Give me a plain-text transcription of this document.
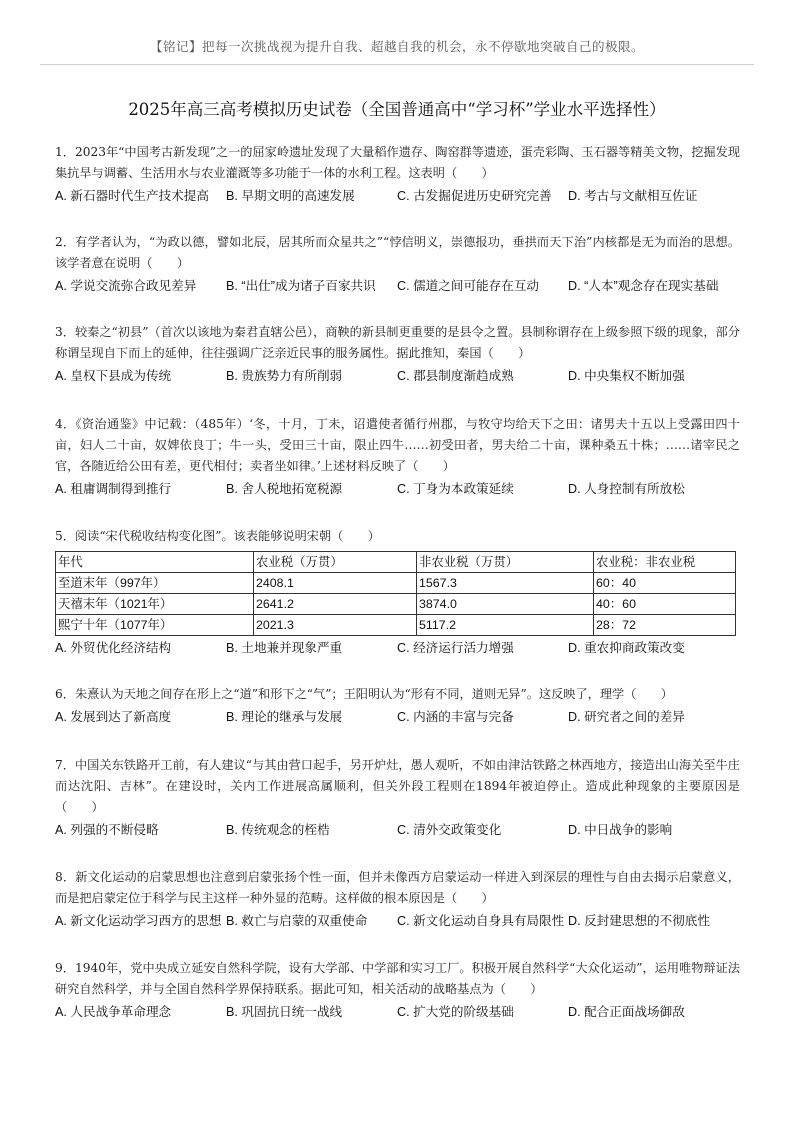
【铭记】把每一次挑战视为提升自我、超越自我的机会，永不停歇地突破自己的极限。
2025年高三高考模拟历史试卷（全国普通高中“学习杯”学业水平选择性）
1．2023年“中国考古新发现”之一的屈家岭遗址发现了大量稻作遗存、陶窑群等遗迹，蛋壳彩陶、玉石器等精美文物，挖掘发现集抗旱与调蓄、生活用水与农业灌溉等多功能于一体的水利工程。这表明（　　）
A. 新石器时代生产技术提高	B. 早期文明的高速发展	C. 古发掘促进历史研究完善	D. 考古与文献相互佐证
2．有学者认为，“为政以德，譬如北辰，居其所而众星共之”“悖信明义，崇德报功，垂拱而天下治”内核都是无为而治的思想。该学者意在说明（　　）
A. 学说交流弥合政见差异	B. “出仕”成为诸子百家共识	C. 儒道之间可能存在互动	D. “人本”观念存在现实基础
3．较秦之“初县”（首次以该地为秦君直辖公邑），商鞅的新县制更重要的是县令之置。县制称谓存在上级参照下级的现象，部分称谓呈现自下而上的延伸，往往强调广泛亲近民事的服务属性。据此推知，秦国（　　）
A. 皇权下县成为传统	B. 贵族势力有所削弱	C. 郡县制度渐趋成熟	D. 中央集权不断加强
4．《资治通鉴》中记载：（485年）‘冬，十月，丁未，诏遣使者循行州郡，与牧守均给天下之田：诸男夫十五以上受露田四十亩，妇人二十亩，奴婢依良丁；牛一头，受田三十亩，限止四牛……初受田者，男夫给二十亩，课种桑五十株；……诸宰民之官，各随近给公田有差，更代相付；卖者坐如律。’上述材料反映了（　　）
A. 租庸调制得到推行	B. 舍人税地拓宽税源	C. 丁身为本政策延续	D. 人身控制有所放松
5．阅读“宋代税收结构变化图”。该表能够说明宋朝（　　）
年代	农业税（万贯）	非农业税（万贯）	农业税：非农业税
至道末年（997年）	2408.1	1567.3	60：40
天禧末年（1021年）	2641.2	3874.0	40：60
熙宁十年（1077年）	2021.3	5117.2	28：72
A. 外贸优化经济结构	B. 土地兼并现象严重	C. 经济运行活力增强	D. 重农抑商政策改变
6．朱熹认为天地之间存在形上之“道”和形下之“气”；王阳明认为“形有不同，道则无异”。这反映了，理学（　　）
A. 发展到达了新高度	B. 理论的继承与发展	C. 内涵的丰富与完备	D. 研究者之间的差异
7．中国关东铁路开工前，有人建议“与其由营口起手，另开炉灶，愚人观听，不如由津沽铁路之林西地方，接造出山海关至牛庄而达沈阳、吉林”。在建设时，关内工作进展高属顺利，但关外段工程则在1894年被迫停止。造成此种现象的主要原因是（　　）
A. 列强的不断侵略	B. 传统观念的桎梏	C. 清外交政策变化	D. 中日战争的影响
8．新文化运动的启蒙思想也注意到启蒙张扬个性一面，但并未像西方启蒙运动一样进入到深层的理性与自由去揭示启蒙意义，而是把启蒙定位于科学与民主这样一种外显的范畴。这样做的根本原因是（　　）
A. 新文化运动学习西方的思想 B. 救亡与启蒙的双重使命	C. 新文化运动自身具有局限性 D. 反封建思想的不彻底性
9．1940年，党中央成立延安自然科学院，设有大学部、中学部和实习工厂。积极开展自然科学“大众化运动”，运用唯物辩证法研究自然科学，并与全国自然科学界保持联系。据此可知，相关活动的战略基点为（　　）
A. 人民战争革命理念	B. 巩固抗日统一战线	C. 扩大党的阶级基础	D. 配合正面战场御敌
